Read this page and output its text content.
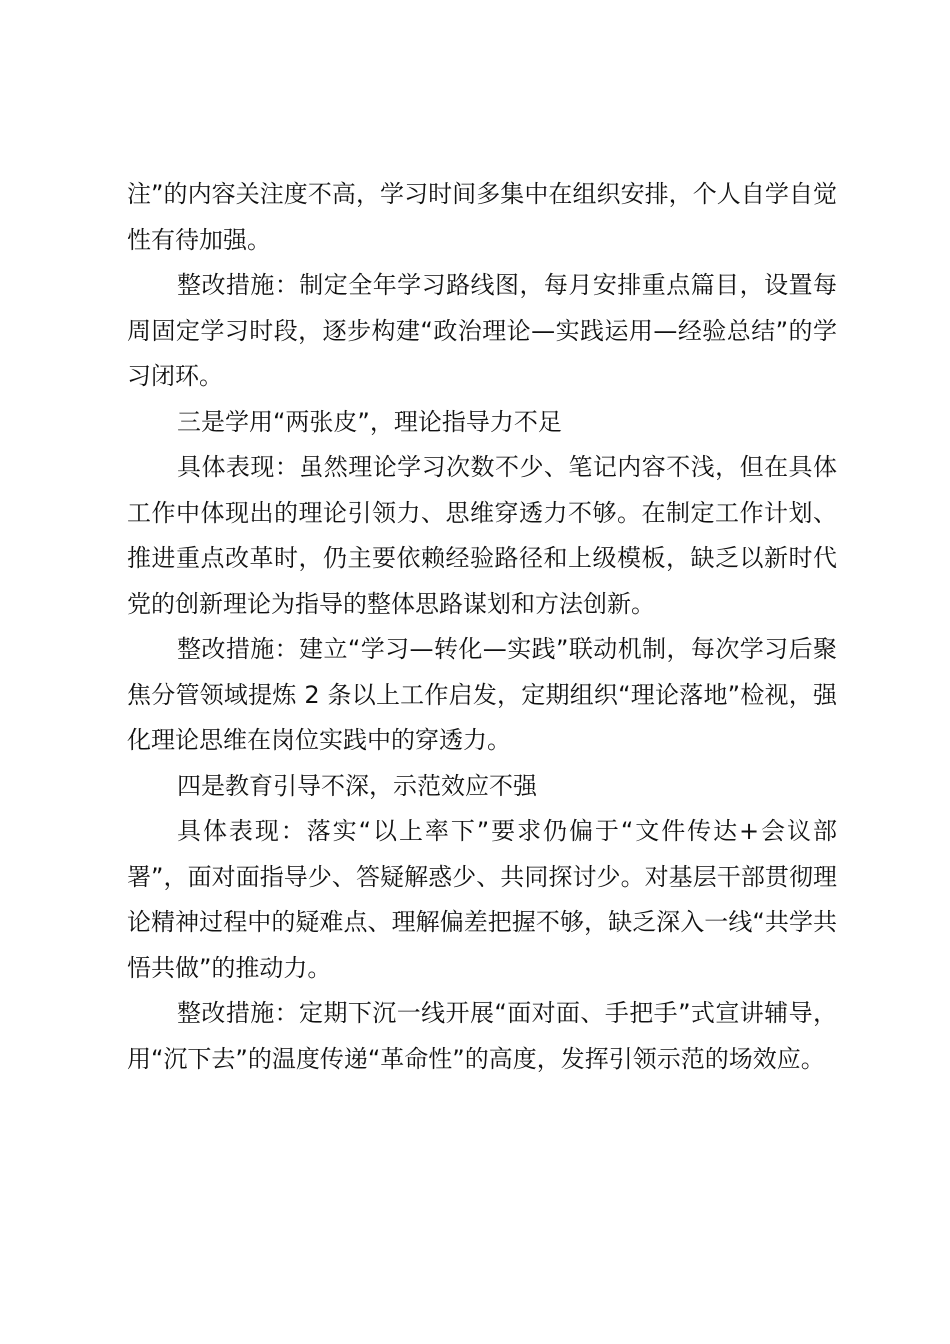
注”的内容关注度不高，学习时间多集中在组织安排，个人自学自觉性有待加强。

整改措施：制定全年学习路线图，每月安排重点篇目，设置每周固定学习时段，逐步构建“政治理论—实践运用—经验总结”的学习闭环。

三是学用“两张皮”，理论指导力不足

具体表现：虽然理论学习次数不少、笔记内容不浅，但在具体工作中体现出的理论引领力、思维穿透力不够。在制定工作计划、推进重点改革时，仍主要依赖经验路径和上级模板，缺乏以新时代党的创新理论为指导的整体思路谋划和方法创新。

整改措施：建立“学习—转化—实践”联动机制，每次学习后聚焦分管领域提炼 2 条以上工作启发，定期组织“理论落地”检视，强化理论思维在岗位实践中的穿透力。

四是教育引导不深，示范效应不强

具体表现：落实“以上率下”要求仍偏于“文件传达+会议部署”，面对面指导少、答疑解惑少、共同探讨少。对基层干部贯彻理论精神过程中的疑难点、理解偏差把握不够，缺乏深入一线“共学共悟共做”的推动力。

整改措施：定期下沉一线开展“面对面、手把手”式宣讲辅导，用“沉下去”的温度传递“革命性”的高度，发挥引领示范的场效应。
